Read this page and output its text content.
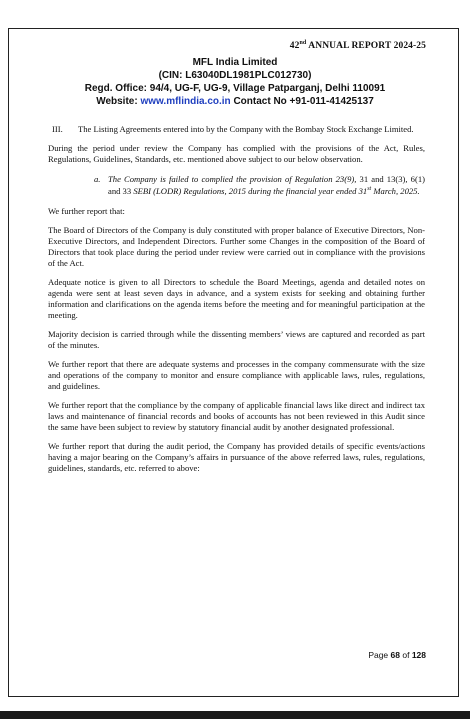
42nd ANNUAL REPORT 2024-25
MFL India Limited
(CIN: L63040DL1981PLC012730)
Regd. Office: 94/4, UG-F, UG-9, Village Patparganj, Delhi 110091
Website: www.mflindia.co.in Contact No +91-011-41425137
III.	The Listing Agreements entered into by the Company with the Bombay Stock Exchange Limited.

During the period under review the Company has complied with the provisions of the Act, Rules, Regulations, Guidelines, Standards, etc. mentioned above subject to our below observation.

a. The Company is failed to complied the provision of Regulation 23(9), 31 and 13(3), 6(1) and 33 SEBI (LODR) Regulations, 2015 during the financial year ended 31st March, 2025.

We further report that:

The Board of Directors of the Company is duly constituted with proper balance of Executive Directors, Non-Executive Directors, and Independent Directors. Further some Changes in the composition of the Board of Directors that took place during the period under review were carried out in compliance with the provisions of the Act.

Adequate notice is given to all Directors to schedule the Board Meetings, agenda and detailed notes on agenda were sent at least seven days in advance, and a system exists for seeking and obtaining further information and clarifications on the agenda items before the meeting and for meaningful participation at the meeting.

Majority decision is carried through while the dissenting members’ views are captured and recorded as part of the minutes.

We further report that there are adequate systems and processes in the company commensurate with the size and operations of the company to monitor and ensure compliance with applicable laws, rules, regulations, and guidelines.

We further report that the compliance by the company of applicable financial laws like direct and indirect tax laws and maintenance of financial records and books of accounts has not been reviewed in this Audit since the same have been subject to review by statutory financial audit by another designated professional.

We further report that during the audit period, the Company has provided details of specific events/actions having a major bearing on the Company’s affairs in pursuance of the above referred laws, rules, regulations, guidelines, standards, etc. referred to above:

Page 68 of 128
